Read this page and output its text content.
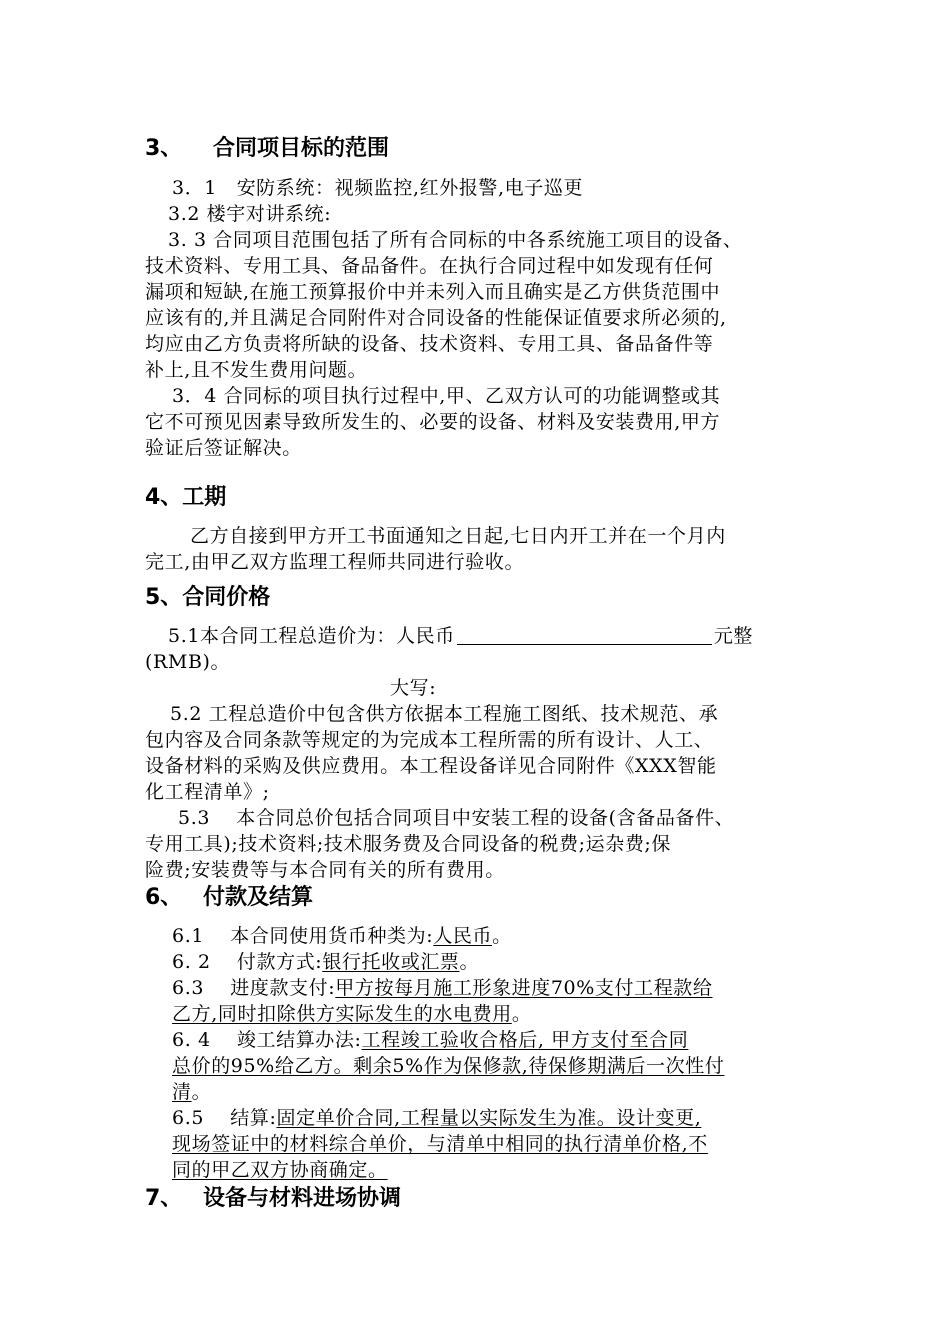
3、 合同项目标的范围
3．1　安防系统：视频监控,红外报警,电子巡更
3.2 楼宇对讲系统:
3. 3 合同项目范围包括了所有合同标的中各系统施工项目的设备、
技术资料、专用工具、备品备件。在执行合同过程中如发现有任何
漏项和短缺,在施工预算报价中并未列入而且确实是乙方供货范围中
应该有的,并且满足合同附件对合同设备的性能保证值要求所必须的,
均应由乙方负责将所缺的设备、技术资料、专用工具、备品备件等
补上,且不发生费用问题。
3．4 合同标的项目执行过程中,甲、乙双方认可的功能调整或其
它不可预见因素导致所发生的、必要的设备、材料及安装费用,甲方
验证后签证解决。
4、工期
乙方自接到甲方开工书面通知之日起,七日内开工并在一个月内
完工,由甲乙双方监理工程师共同进行验收。
5、合同价格
5.1本合同工程总造价为：人民币	元整
(RMB)。
大写:
5.2 工程总造价中包含供方依据本工程施工图纸、技术规范、承
包内容及合同条款等规定的为完成本工程所需的所有设计、人工、
设备材料的采购及供应费用。本工程设备详见合同附件《XXX智能
化工程清单》;
5.3　 本合同总价包括合同项目中安装工程的设备(含备品备件、
专用工具);技术资料;技术服务费及合同设备的税费;运杂费;保
险费;安装费等与本合同有关的所有费用。
6、 付款及结算
6.1　 本合同使用货币种类为:人民币。
6. 2　 付款方式:银行托收或汇票。
6.3　 进度款支付:甲方按每月施工形象进度70%支付工程款给
乙方,同时扣除供方实际发生的水电费用。
6. 4　 竣工结算办法:工程竣工验收合格后, 甲方支付至合同
总价的95%给乙方。剩余5%作为保修款,待保修期满后一次性付
清。
6.5　 结算:固定单价合同,工程量以实际发生为准。设计变更,
现场签证中的材料综合单价，与清单中相同的执行清单价格,不
同的甲乙双方协商确定。
7、 设备与材料进场协调
